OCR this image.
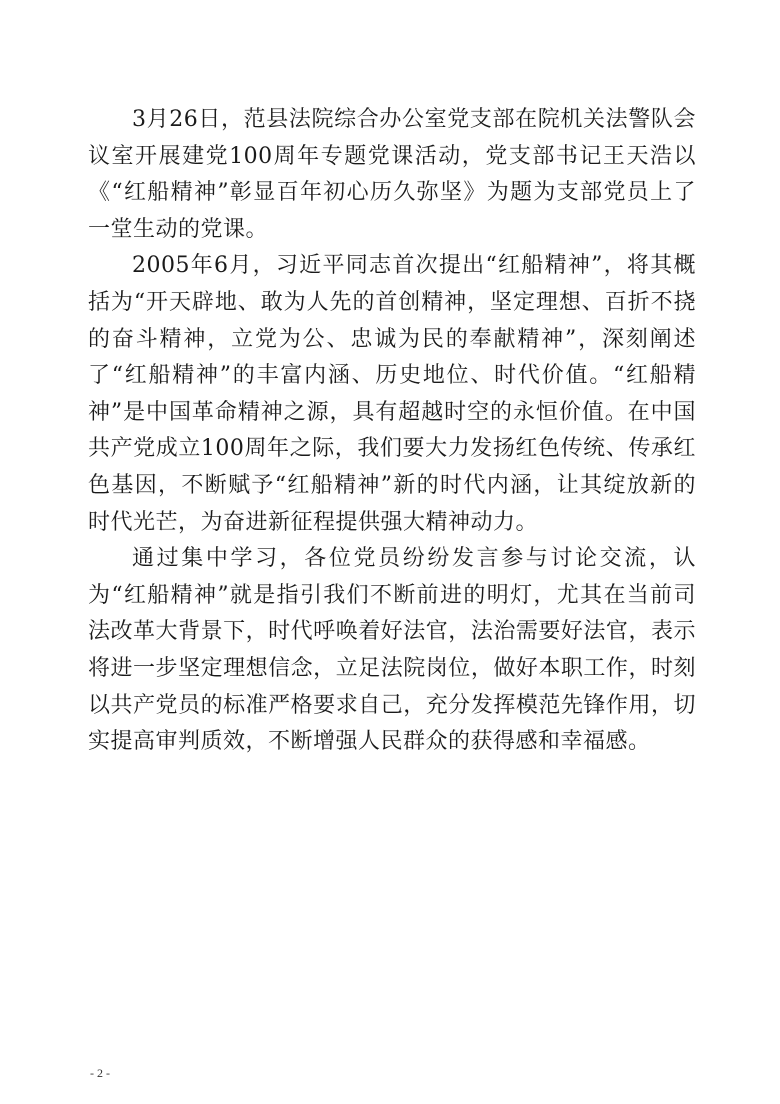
3月26日，范县法院综合办公室党支部在院机关法警队会议室开展建党100周年专题党课活动，党支部书记王天浩以《“红船精神”彰显百年初心历久弥坚》为题为支部党员上了一堂生动的党课。

2005年6月，习近平同志首次提出“红船精神”，将其概括为“开天辟地、敢为人先的首创精神，坚定理想、百折不挠的奋斗精神，立党为公、忠诚为民的奉献精神”，深刻阐述了“红船精神”的丰富内涵、历史地位、时代价值。“红船精神”是中国革命精神之源，具有超越时空的永恒价值。在中国共产党成立100周年之际，我们要大力发扬红色传统、传承红色基因，不断赋予“红船精神”新的时代内涵，让其绽放新的时代光芒，为奋进新征程提供强大精神动力。

通过集中学习，各位党员纷纷发言参与讨论交流，认为“红船精神”就是指引我们不断前进的明灯，尤其在当前司法改革大背景下，时代呼唤着好法官，法治需要好法官，表示将进一步坚定理想信念，立足法院岗位，做好本职工作，时刻以共产党员的标准严格要求自己，充分发挥模范先锋作用，切实提高审判质效，不断增强人民群众的获得感和幸福感。

- 2 -
